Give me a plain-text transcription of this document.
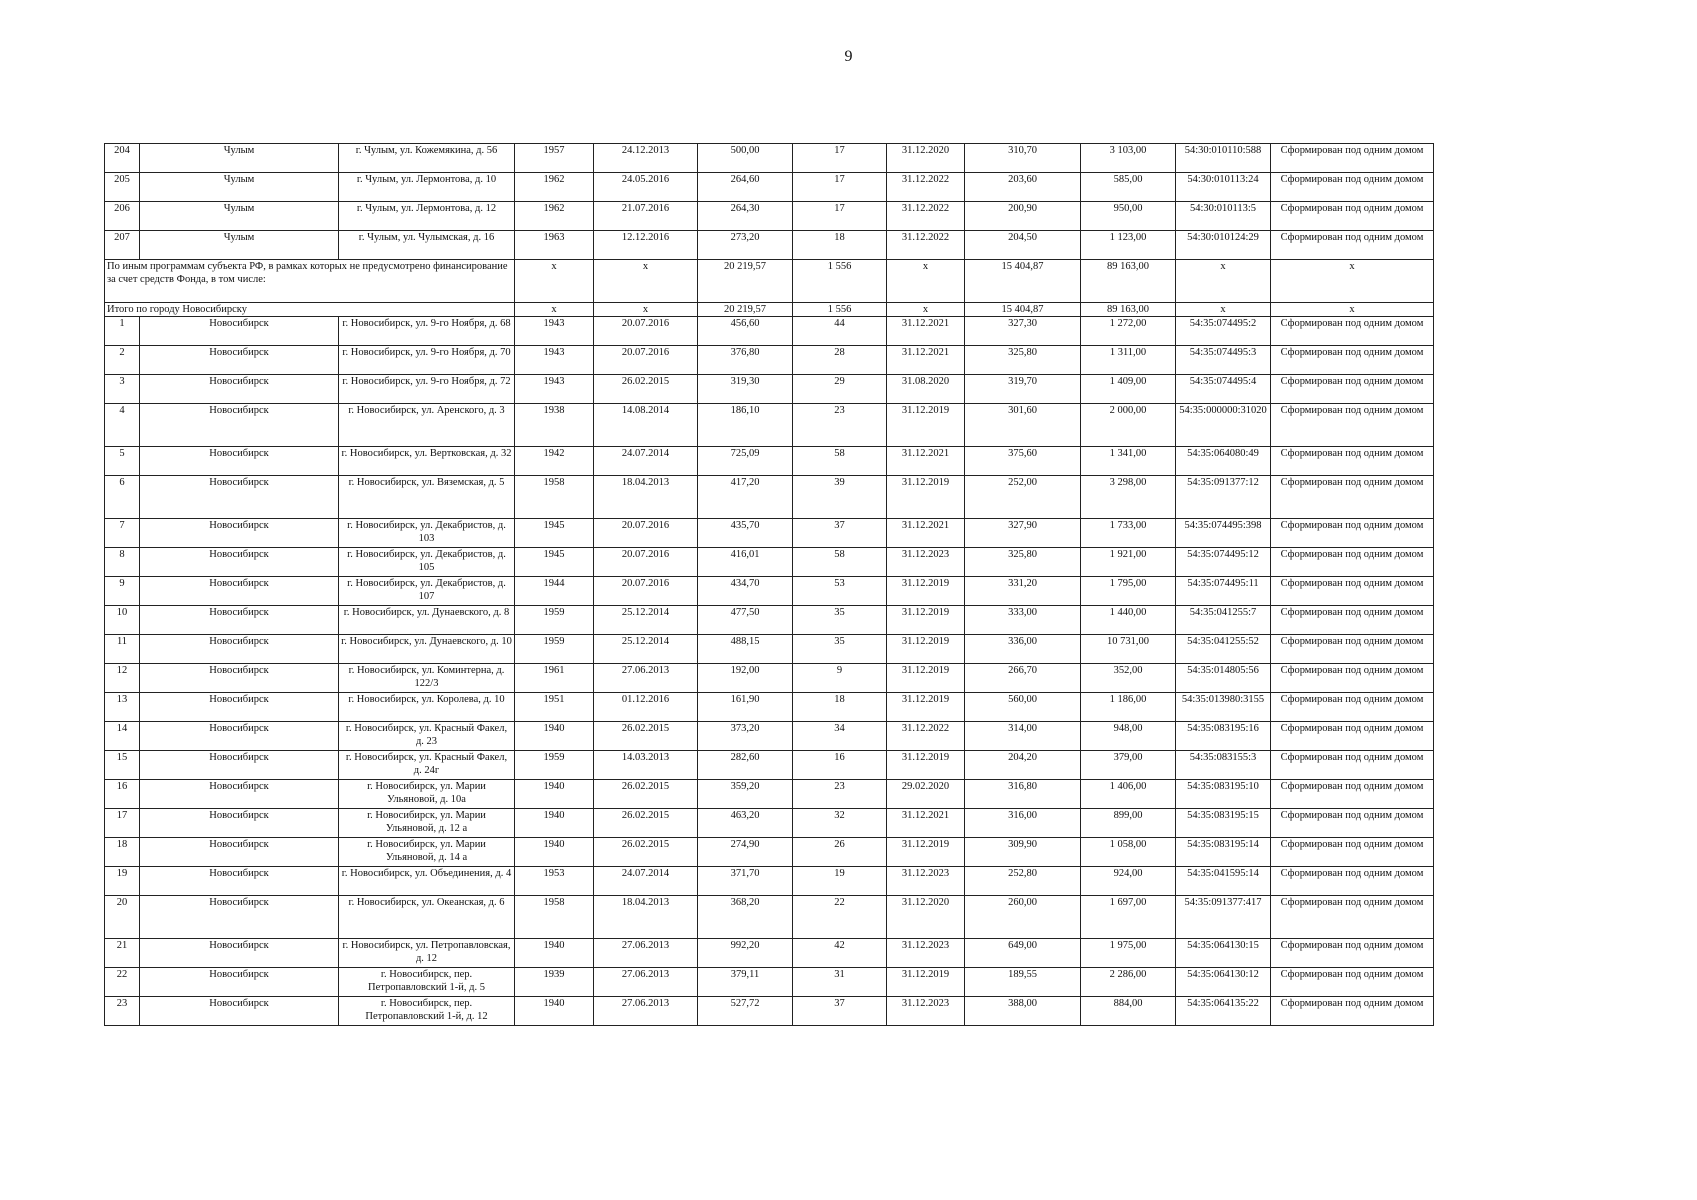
9
204	Чулым	г. Чулым, ул. Кожемякина, д. 56	1957	24.12.2013	500,00	17	31.12.2020	310,70	3 103,00	54:30:010110:588	Сформирован под одним домом
205	Чулым	г. Чулым, ул. Лермонтова, д. 10	1962	24.05.2016	264,60	17	31.12.2022	203,60	585,00	54:30:010113:24	Сформирован под одним домом
206	Чулым	г. Чулым, ул. Лермонтова, д. 12	1962	21.07.2016	264,30	17	31.12.2022	200,90	950,00	54:30:010113:5	Сформирован под одним домом
207	Чулым	г. Чулым, ул. Чулымская, д. 16	1963	12.12.2016	273,20	18	31.12.2022	204,50	1 123,00	54:30:010124:29	Сформирован под одним домом
По иным программам субъекта РФ, в рамках которых не предусмотрено финансирование за счет средств Фонда, в том числе:			x	x	20 219,57	1 556	x	15 404,87	89 163,00	x	x
Итого по городу Новосибирску			x	x	20 219,57	1 556	x	15 404,87	89 163,00	x	x
1	Новосибирск	г. Новосибирск, ул. 9-го Ноября, д. 68	1943	20.07.2016	456,60	44	31.12.2021	327,30	1 272,00	54:35:074495:2	Сформирован под одним домом
2	Новосибирск	г. Новосибирск, ул. 9-го Ноября, д. 70	1943	20.07.2016	376,80	28	31.12.2021	325,80	1 311,00	54:35:074495:3	Сформирован под одним домом
3	Новосибирск	г. Новосибирск, ул. 9-го Ноября, д. 72	1943	26.02.2015	319,30	29	31.08.2020	319,70	1 409,00	54:35:074495:4	Сформирован под одним домом
4	Новосибирск	г. Новосибирск, ул. Аренского, д. 3	1938	14.08.2014	186,10	23	31.12.2019	301,60	2 000,00	54:35:000000:31020	Сформирован под одним домом
5	Новосибирск	г. Новосибирск, ул. Вертковская, д. 32	1942	24.07.2014	725,09	58	31.12.2021	375,60	1 341,00	54:35:064080:49	Сформирован под одним домом
6	Новосибирск	г. Новосибирск, ул. Вяземская, д. 5	1958	18.04.2013	417,20	39	31.12.2019	252,00	3 298,00	54:35:091377:12	Сформирован под одним домом
7	Новосибирск	г. Новосибирск, ул. Декабристов, д. 103	1945	20.07.2016	435,70	37	31.12.2021	327,90	1 733,00	54:35:074495:398	Сформирован под одним домом
8	Новосибирск	г. Новосибирск, ул. Декабристов, д. 105	1945	20.07.2016	416,01	58	31.12.2023	325,80	1 921,00	54:35:074495:12	Сформирован под одним домом
9	Новосибирск	г. Новосибирск, ул. Декабристов, д. 107	1944	20.07.2016	434,70	53	31.12.2019	331,20	1 795,00	54:35:074495:11	Сформирован под одним домом
10	Новосибирск	г. Новосибирск, ул. Дунаевского, д. 8	1959	25.12.2014	477,50	35	31.12.2019	333,00	1 440,00	54:35:041255:7	Сформирован под одним домом
11	Новосибирск	г. Новосибирск, ул. Дунаевского, д. 10	1959	25.12.2014	488,15	35	31.12.2019	336,00	10 731,00	54:35:041255:52	Сформирован под одним домом
12	Новосибирск	г. Новосибирск, ул. Коминтерна, д. 122/3	1961	27.06.2013	192,00	9	31.12.2019	266,70	352,00	54:35:014805:56	Сформирован под одним домом
13	Новосибирск	г. Новосибирск, ул. Королева, д. 10	1951	01.12.2016	161,90	18	31.12.2019	560,00	1 186,00	54:35:013980:3155	Сформирован под одним домом
14	Новосибирск	г. Новосибирск, ул. Красный Факел, д. 23	1940	26.02.2015	373,20	34	31.12.2022	314,00	948,00	54:35:083195:16	Сформирован под одним домом
15	Новосибирск	г. Новосибирск, ул. Красный Факел, д. 24г	1959	14.03.2013	282,60	16	31.12.2019	204,20	379,00	54:35:083155:3	Сформирован под одним домом
16	Новосибирск	г. Новосибирск, ул. Марии Ульяновой, д. 10а	1940	26.02.2015	359,20	23	29.02.2020	316,80	1 406,00	54:35:083195:10	Сформирован под одним домом
17	Новосибирск	г. Новосибирск, ул. Марии Ульяновой, д. 12 а	1940	26.02.2015	463,20	32	31.12.2021	316,00	899,00	54:35:083195:15	Сформирован под одним домом
18	Новосибирск	г. Новосибирск, ул. Марии Ульяновой, д. 14 а	1940	26.02.2015	274,90	26	31.12.2019	309,90	1 058,00	54:35:083195:14	Сформирован под одним домом
19	Новосибирск	г. Новосибирск, ул. Объединения, д. 4	1953	24.07.2014	371,70	19	31.12.2023	252,80	924,00	54:35:041595:14	Сформирован под одним домом
20	Новосибирск	г. Новосибирск, ул. Океанская, д. 6	1958	18.04.2013	368,20	22	31.12.2020	260,00	1 697,00	54:35:091377:417	Сформирован под одним домом
21	Новосибирск	г. Новосибирск, ул. Петропавловская, д. 12	1940	27.06.2013	992,20	42	31.12.2023	649,00	1 975,00	54:35:064130:15	Сформирован под одним домом
22	Новосибирск	г. Новосибирск, пер. Петропавловский 1-й, д. 5	1939	27.06.2013	379,11	31	31.12.2019	189,55	2 286,00	54:35:064130:12	Сформирован под одним домом
23	Новосибирск	г. Новосибирск, пер. Петропавловский 1-й, д. 12	1940	27.06.2013	527,72	37	31.12.2023	388,00	884,00	54:35:064135:22	Сформирован под одним домом
